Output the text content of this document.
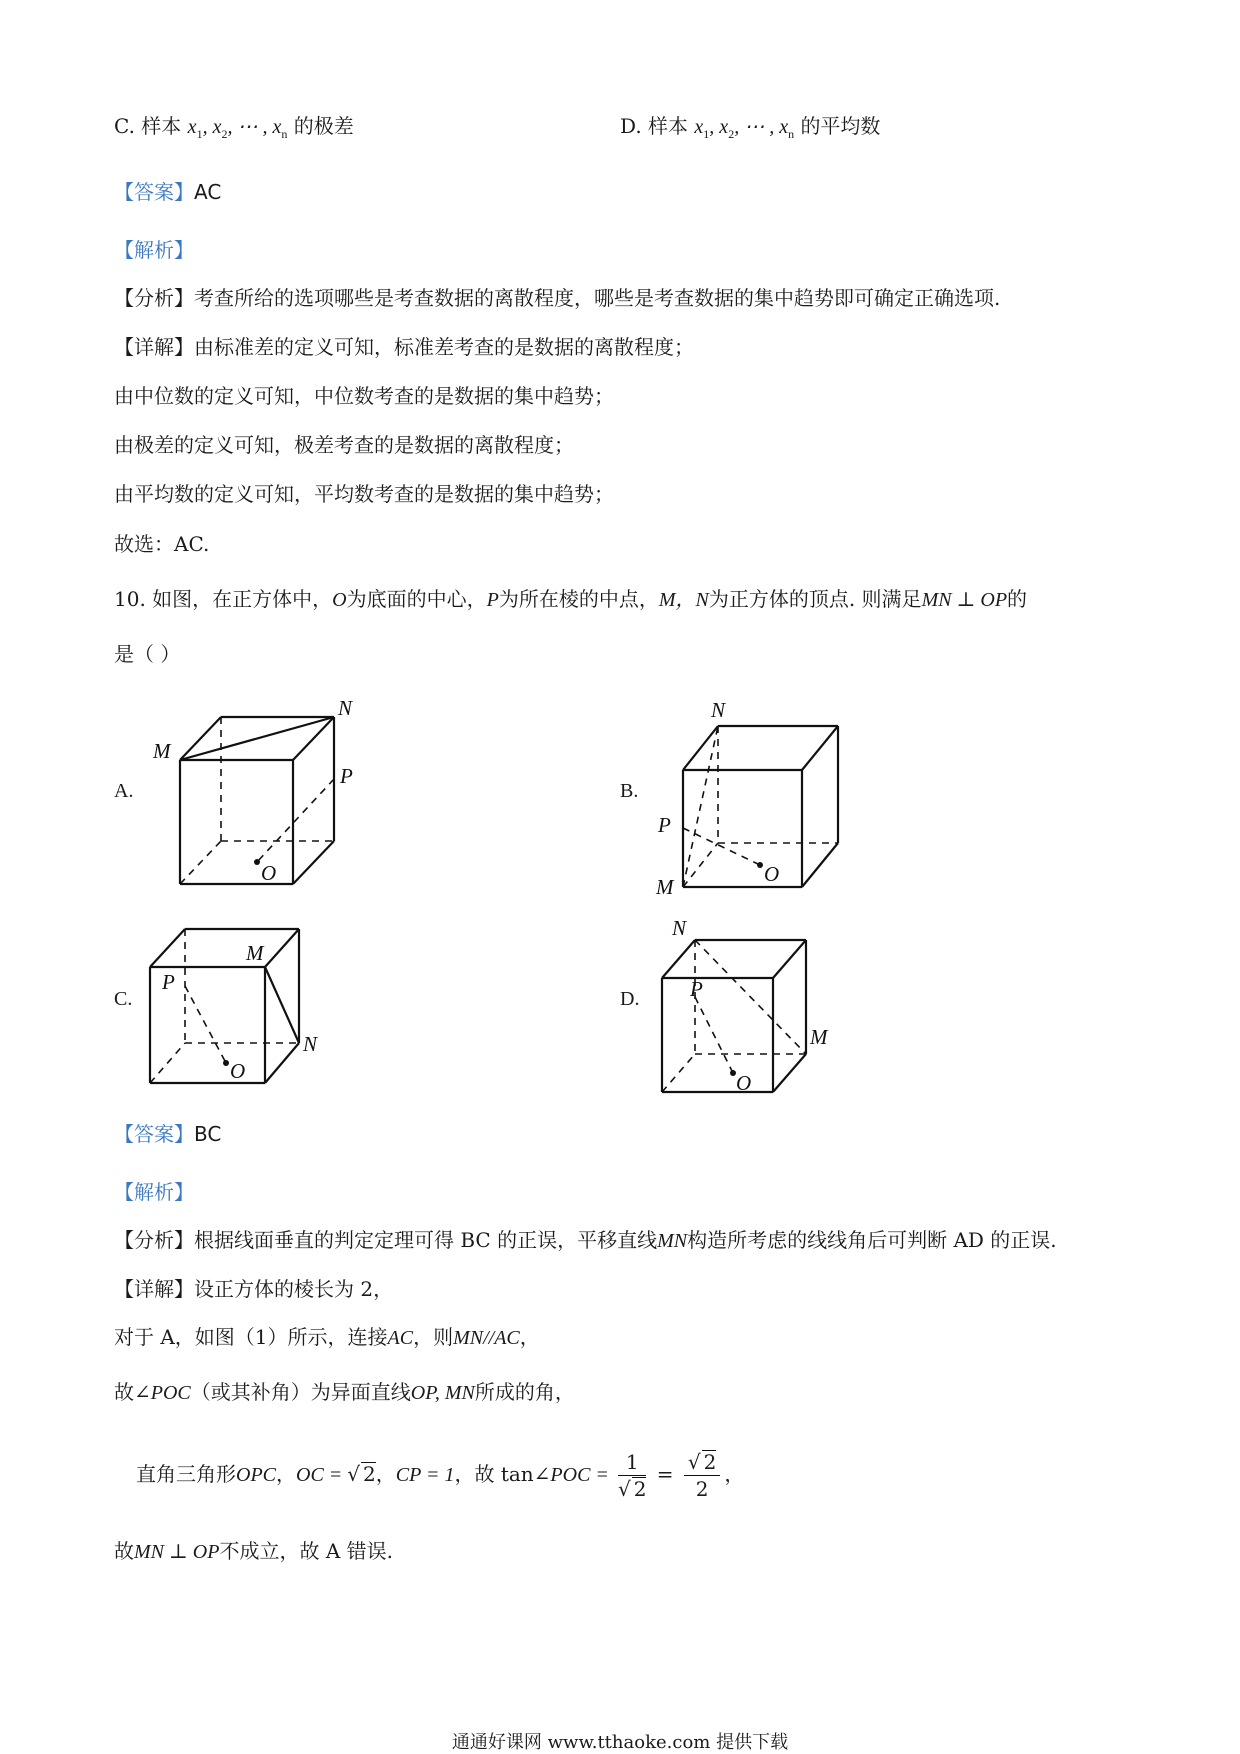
C. 样本 $x_1$, $x_2$, ⋯ , $x_n$ 的极差	D. 样本 $x_1$, $x_2$, ⋯ , $x_n$ 的平均数
【答案】AC
【解析】
【分析】考查所给的选项哪些是考查数据的离散程度，哪些是考查数据的集中趋势即可确定正确选项.
【详解】由标准差的定义可知，标准差考查的是数据的离散程度；
由中位数的定义可知，中位数考查的是数据的集中趋势；
由极差的定义可知，极差考查的是数据的离散程度；
由平均数的定义可知，平均数考查的是数据的集中趋势；
故选：AC.
10. 如图，在正方体中，O为底面的中心，P为所在棱的中点，M，N为正方体的顶点. 则满足MN ⊥ OP的
是（ ）
A.
M
N
P
O
B.
N
P
M
O
C.
M
P
N
O
D.
N
P
M
O
【答案】BC
【解析】
【分析】根据线面垂直的判定定理可得 BC 的正误，平移直线MN构造所考虑的线线角后可判断 AD 的正误.
【详解】设正方体的棱长为 2，
对于 A，如图（1）所示，连接AC，则MN//AC，
故∠POC（或其补角）为异面直线OP, MN所成的角，
直角三角形OPC，OC = √ 2，CP = 1，故 tan∠POC = $\frac{1}{√ 2} = \frac{√ 2}{2}$ ，
故MN ⊥ OP不成立，故 A 错误.
通通好课网 www.tthaoke.com 提供下载
